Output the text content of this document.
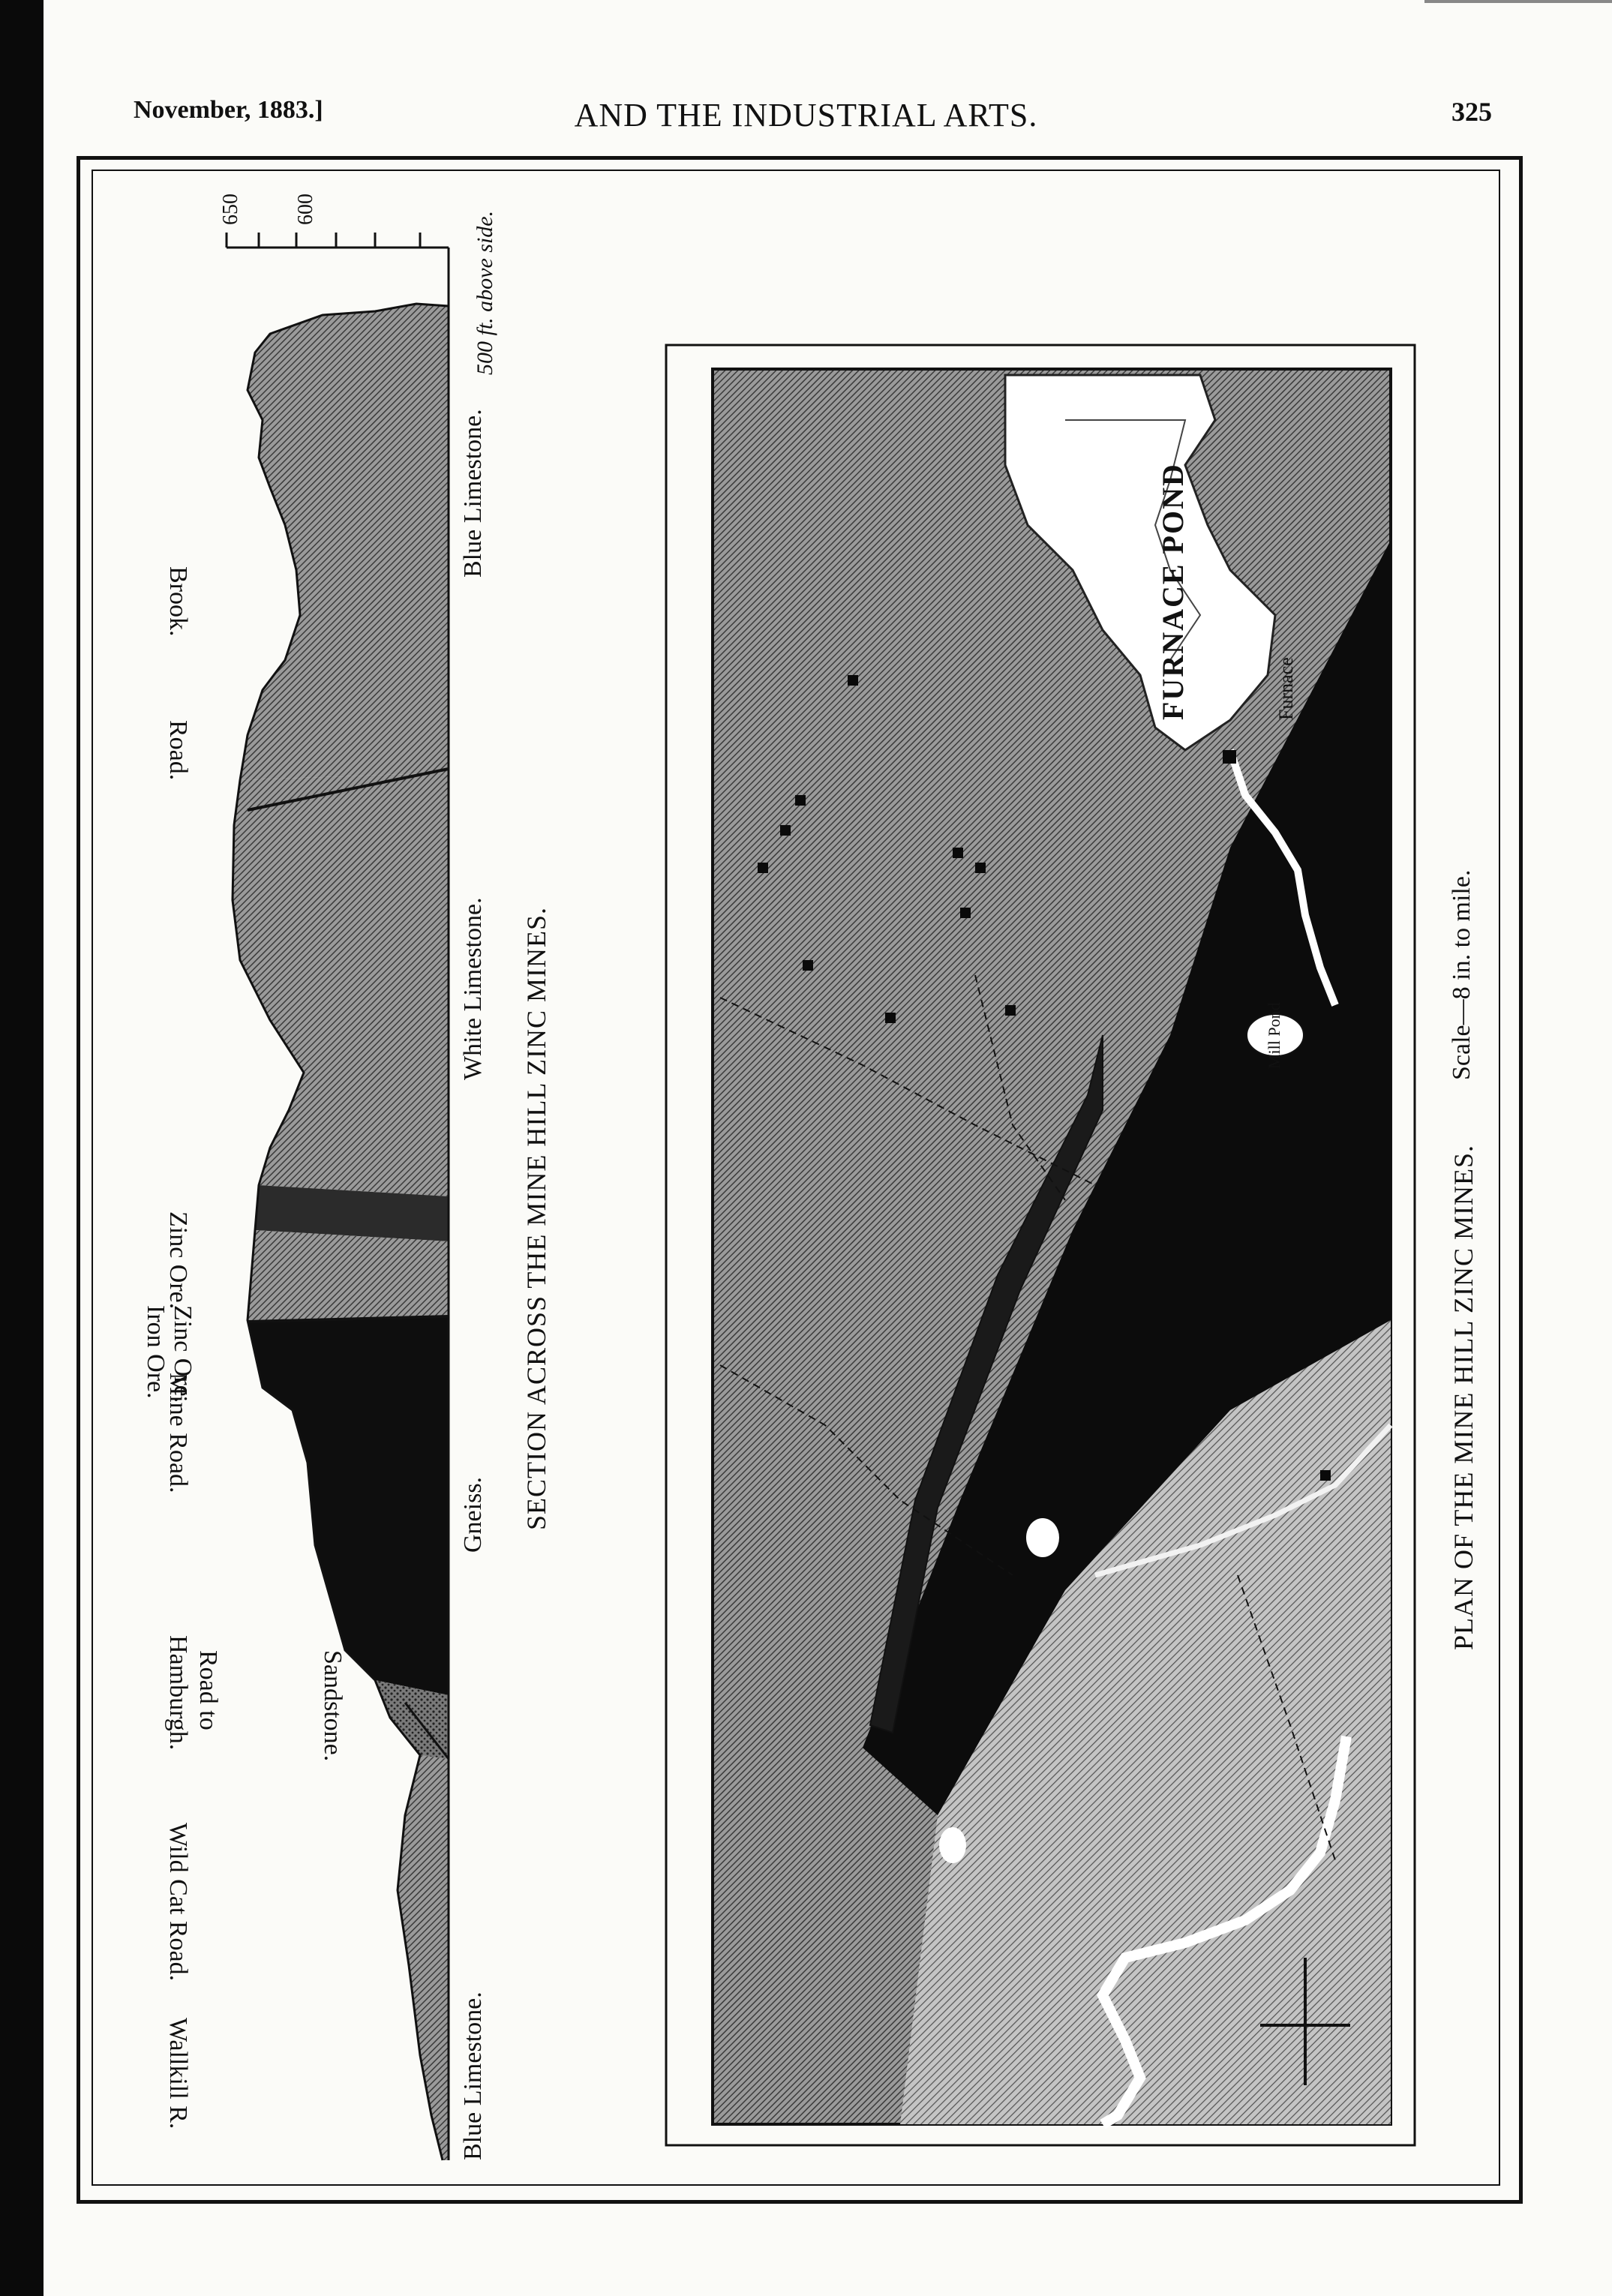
November, 1883.]	AND THE INDUSTRIAL ARTS.	325
650 600
500 ft. above side.
Blue Limestone.
White Limestone.
Gneiss.
Blue Limestone.
SECTION ACROSS THE MINE HILL ZINC MINES.
Brook.
Road.
Zinc Ore.
Iron Ore. Zinc Ore.
Mine Road.
Sandstone.
Road to
Hamburgh.
Wild Cat Road.
Wallkill R.
FURNACE POND	Furnace
Mill Pond
PLAN OF THE MINE HILL ZINC MINES.
Scale—8 in. to mile.
